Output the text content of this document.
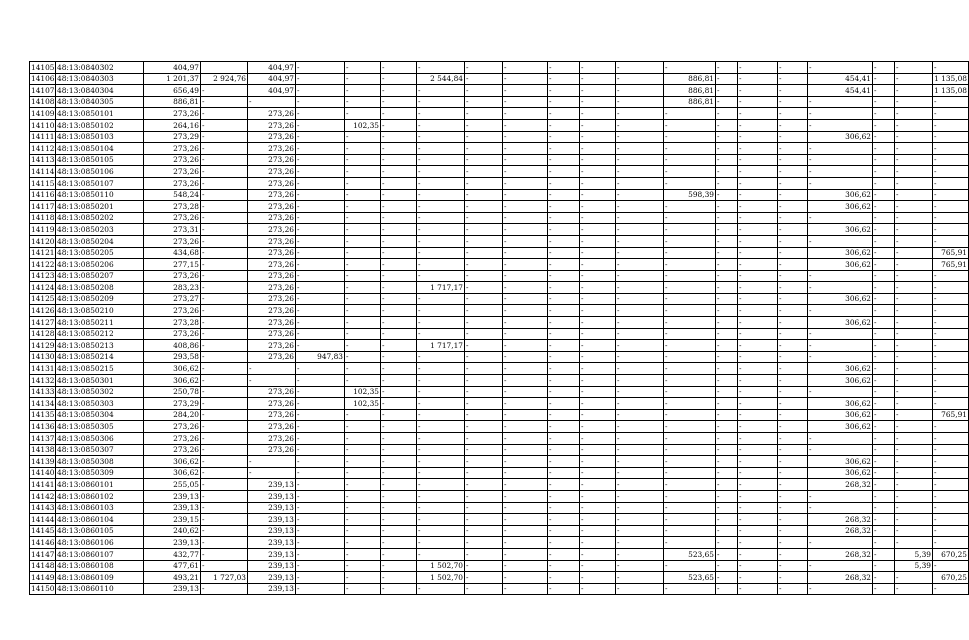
14105	48:13:0840302	404,97		404,97	-	-	-	-	-	-	-	-	-	-	-	-	-	-	-	-	-
14106	48:13:0840303	1 201,37	2 924,76	404,97	-	-	-	2 544,84	-	-	-	-	-	886,81	-	-	-	454,41	-	-	1 135,08
14107	48:13:0840304	656,49	-	404,97	-	-	-	-	-	-	-	-	-	886,81	-	-	-	454,41	-	-	1 135,08
14108	48:13:0840305	886,81	-	-	-	-	-	-	-	-	-	-	-	886,81	-	-	-	-	-	-	-
14109	48:13:0850101	273,26	-	273,26	-	-	-	-	-	-	-	-	-	-	-	-	-	-	-	-	-
14110	48:13:0850102	264,16	-	273,26	-	102,35	-	-	-	-	-	-	-	-	-	-	-	-	-	-	-
14111	48:13:0850103	273,29	-	273,26	-	-	-	-	-	-	-	-	-	-	-	-	-	306,62	-	-	-
14112	48:13:0850104	273,26	-	273,26	-	-	-	-	-	-	-	-	-	-	-	-	-	-	-	-	-
14113	48:13:0850105	273,26	-	273,26	-	-	-	-	-	-	-	-	-	-	-	-	-	-	-	-	-
14114	48:13:0850106	273,26	-	273,26	-	-	-	-	-	-	-	-	-	-	-	-	-	-	-	-	-
14115	48:13:0850107	273,26	-	273,26	-	-	-	-	-	-	-	-	-	-	-	-	-	-	-	-	-
14116	48:13:0850110	548,24	-	273,26	-	-	-	-	-	-	-	-	-	598,39	-	-	-	306,62	-	-	-
14117	48:13:0850201	273,28	-	273,26	-	-	-	-	-	-	-	-	-	-	-	-	-	306,62	-	-	-
14118	48:13:0850202	273,26	-	273,26	-	-	-	-	-	-	-	-	-	-	-	-	-	-	-	-	-
14119	48:13:0850203	273,31	-	273,26	-	-	-	-	-	-	-	-	-	-	-	-	-	306,62	-	-	-
14120	48:13:0850204	273,26	-	273,26	-	-	-	-	-	-	-	-	-	-	-	-	-	-	-	-	-
14121	48:13:0850205	434,68	-	273,26	-	-	-	-	-	-	-	-	-	-	-	-	-	306,62	-	-	765,91
14122	48:13:0850206	277,15	-	273,26	-	-	-	-	-	-	-	-	-	-	-	-	-	306,62	-	-	765,91
14123	48:13:0850207	273,26	-	273,26	-	-	-	-	-	-	-	-	-	-	-	-	-	-	-	-	-
14124	48:13:0850208	283,23	-	273,26	-	-	-	1 717,17	-	-	-	-	-	-	-	-	-	-	-	-	-
14125	48:13:0850209	273,27	-	273,26	-	-	-	-	-	-	-	-	-	-	-	-	-	306,62	-	-	-
14126	48:13:0850210	273,26	-	273,26	-	-	-	-	-	-	-	-	-	-	-	-	-	-	-	-	-
14127	48:13:0850211	273,28	-	273,26	-	-	-	-	-	-	-	-	-	-	-	-	-	306,62	-	-	-
14128	48:13:0850212	273,26	-	273,26	-	-	-	-	-	-	-	-	-	-	-	-	-	-	-	-	-
14129	48:13:0850213	408,86	-	273,26	-	-	-	1 717,17	-	-	-	-	-	-	-	-	-	-	-	-	-
14130	48:13:0850214	293,58	-	273,26	947,83	-	-	-	-	-	-	-	-	-	-	-	-	-	-	-	-
14131	48:13:0850215	306,62	-	-	-	-	-	-	-	-	-	-	-	-	-	-	-	306,62	-	-	-
14132	48:13:0850301	306,62	-	-	-	-	-	-	-	-	-	-	-	-	-	-	-	306,62	-	-	-
14133	48:13:0850302	250,78	-	273,26	-	102,35	-	-	-	-	-	-	-	-	-	-	-	-	-	-	-
14134	48:13:0850303	273,29	-	273,26	-	102,35	-	-	-	-	-	-	-	-	-	-	-	306,62	-	-	-
14135	48:13:0850304	284,20	-	273,26	-	-	-	-	-	-	-	-	-	-	-	-	-	306,62	-	-	765,91
14136	48:13:0850305	273,26	-	273,26	-	-	-	-	-	-	-	-	-	-	-	-	-	306,62	-	-	-
14137	48:13:0850306	273,26	-	273,26	-	-	-	-	-	-	-	-	-	-	-	-	-	-	-	-	-
14138	48:13:0850307	273,26	-	273,26	-	-	-	-	-	-	-	-	-	-	-	-	-	-	-	-	-
14139	48:13:0850308	306,62	-	-	-	-	-	-	-	-	-	-	-	-	-	-	-	306,62	-	-	-
14140	48:13:0850309	306,62	-	-	-	-	-	-	-	-	-	-	-	-	-	-	-	306,62	-	-	-
14141	48:13:0860101	255,05	-	239,13	-	-	-	-	-	-	-	-	-	-	-	-	-	268,32	-	-	-
14142	48:13:0860102	239,13	-	239,13	-	-	-	-	-	-	-	-	-	-	-	-	-	-	-	-	-
14143	48:13:0860103	239,13	-	239,13	-	-	-	-	-	-	-	-	-	-	-	-	-	-	-	-	-
14144	48:13:0860104	239,15	-	239,13	-	-	-	-	-	-	-	-	-	-	-	-	-	268,32	-	-	-
14145	48:13:0860105	240,62	-	239,13	-	-	-	-	-	-	-	-	-	-	-	-	-	268,32	-	-	-
14146	48:13:0860106	239,13	-	239,13	-	-	-	-	-	-	-	-	-	-	-	-	-	-	-	-	-
14147	48:13:0860107	432,77	-	239,13	-	-	-	-	-	-	-	-	-	523,65	-	-	-	268,32	-	5,39	670,25
14148	48:13:0860108	477,61	-	239,13	-	-	-	1 502,70	-	-	-	-	-	-	-	-	-	-	-	5,39	-
14149	48:13:0860109	493,21	1 727,03	239,13	-	-	-	1 502,70	-	-	-	-	-	523,65	-	-	-	268,32	-	-	670,25
14150	48:13:0860110	239,13	-	239,13	-	-	-	-	-	-	-	-	-	-	-	-	-	-	-	-	-
